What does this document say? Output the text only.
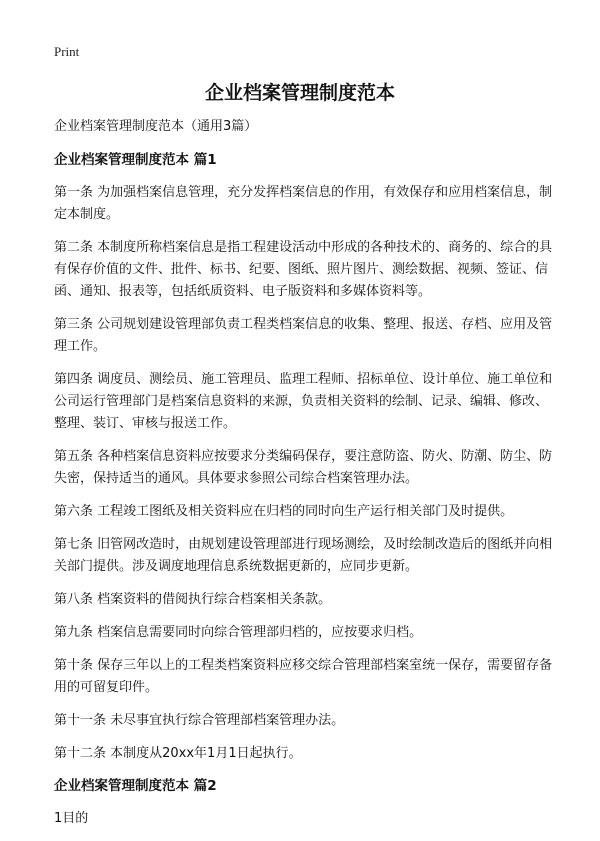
Print
企业档案管理制度范本
企业档案管理制度范本（通用3篇）
企业档案管理制度范本 篇1

第一条 为加强档案信息管理，充分发挥档案信息的作用，有效保存和应用档案信息，制定本制度。

第二条 本制度所称档案信息是指工程建设活动中形成的各种技术的、商务的、综合的具有保存价值的文件、批件、标书、纪要、图纸、照片图片、测绘数据、视频、签证、信函、通知、报表等，包括纸质资料、电子版资料和多媒体资料等。

第三条 公司规划建设管理部负责工程类档案信息的收集、整理、报送、存档、应用及管理工作。

第四条 调度员、测绘员、施工管理员、监理工程师、招标单位、设计单位、施工单位和公司运行管理部门是档案信息资料的来源，负责相关资料的绘制、记录、编辑、修改、整理、装订、审核与报送工作。

第五条 各种档案信息资料应按要求分类编码保存，要注意防盗、防火、防潮、防尘、防失密，保持适当的通风。具体要求参照公司综合档案管理办法。

第六条 工程竣工图纸及相关资料应在归档的同时向生产运行相关部门及时提供。

第七条 旧管网改造时，由规划建设管理部进行现场测绘，及时绘制改造后的图纸并向相关部门提供。涉及调度地理信息系统数据更新的，应同步更新。

第八条 档案资料的借阅执行综合档案相关条款。

第九条 档案信息需要同时向综合管理部归档的，应按要求归档。

第十条 保存三年以上的工程类档案资料应移交综合管理部档案室统一保存，需要留存备用的可留复印件。

第十一条 未尽事宜执行综合管理部档案管理办法。

第十二条 本制度从20xx年1月1日起执行。

企业档案管理制度范本 篇2

1目的
